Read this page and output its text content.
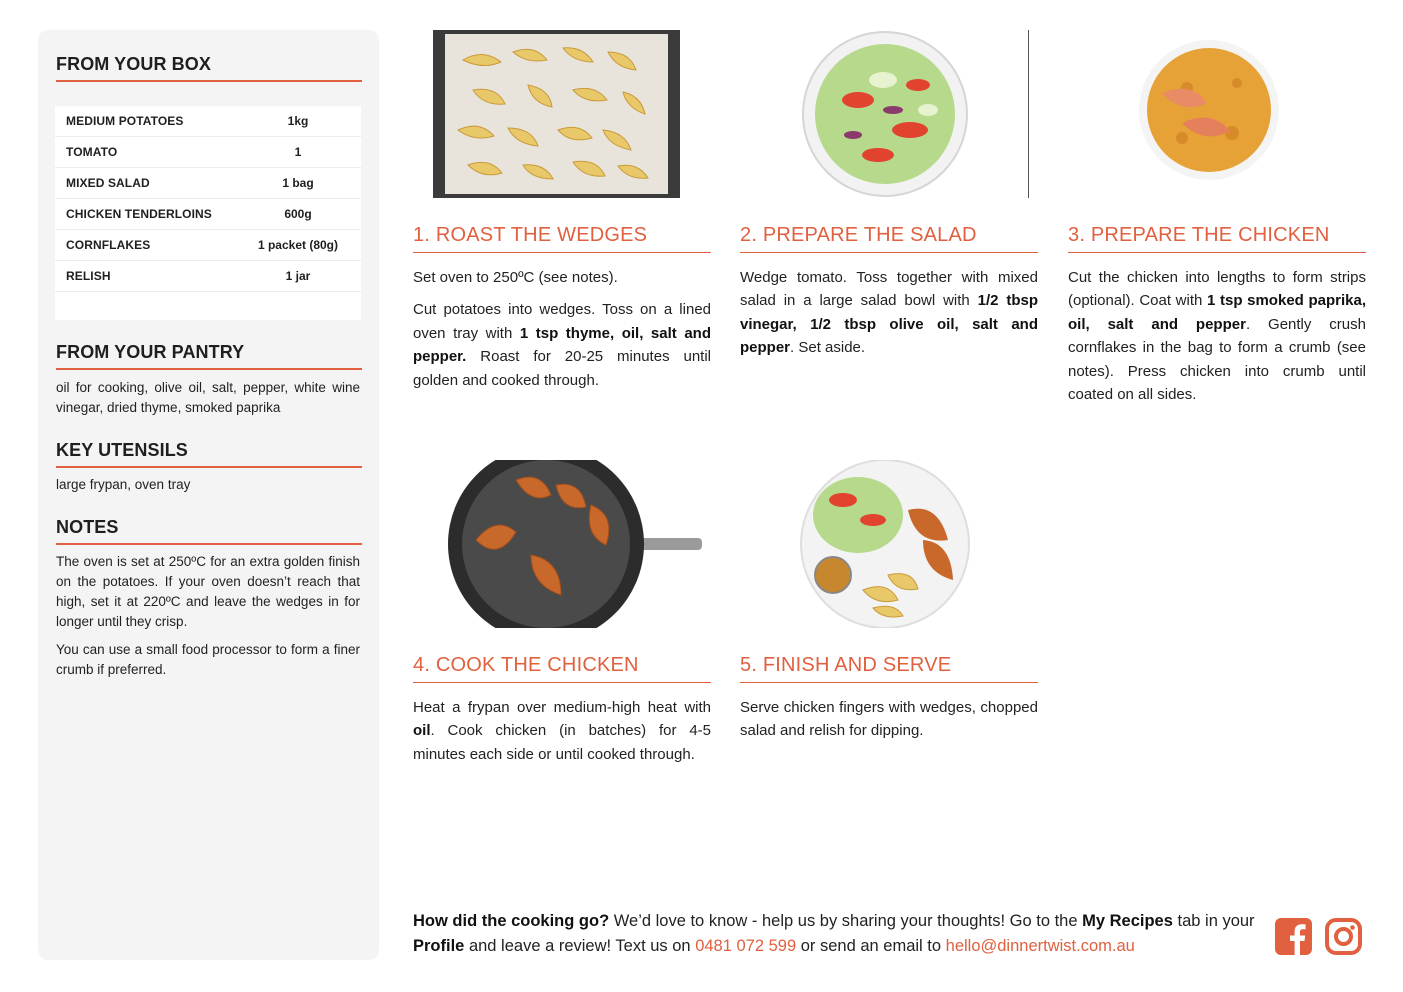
FROM YOUR BOX
MEDIUM POTATOES	1kg
TOMATO	1
MIXED SALAD	1 bag
CHICKEN TENDERLOINS	600g
CORNFLAKES	1 packet (80g)
RELISH	1 jar
FROM YOUR PANTRY

oil for cooking, olive oil, salt, pepper, white wine vinegar, dried thyme, smoked paprika

KEY UTENSILS

large frypan, oven tray

NOTES

The oven is set at 250ºC for an extra golden finish on the potatoes. If your oven doesn’t reach that high, set it at 220ºC and leave the wedges in for longer until they crisp.

You can use a small food processor to form a finer crumb if preferred.

1. ROAST THE WEDGES

Set oven to 250ºC (see notes).

Cut potatoes into wedges. Toss on a lined oven tray with 1 tsp thyme, oil, salt and pepper. Roast for 20-25 minutes until golden and cooked through.

2. PREPARE THE SALAD

Wedge tomato. Toss together with mixed salad in a large salad bowl with 1/2 tbsp vinegar, 1/2 tbsp olive oil, salt and pepper. Set aside.

3. PREPARE THE CHICKEN

Cut the chicken into lengths to form strips (optional). Coat with 1 tsp smoked paprika, oil, salt and pepper. Gently crush cornflakes in the bag to form a crumb (see notes). Press chicken into crumb until coated on all sides.

4. COOK THE CHICKEN

Heat a frypan over medium-high heat with oil. Cook chicken (in batches) for 4-5 minutes each side or until cooked through.

5. FINISH AND SERVE

Serve chicken fingers with wedges, chopped salad and relish for dipping.

How did the cooking go? We’d love to know - help us by sharing your thoughts! Go to the My Recipes tab in your Profile and leave a review! Text us on 0481 072 599 or send an email to hello@dinnertwist.com.au
